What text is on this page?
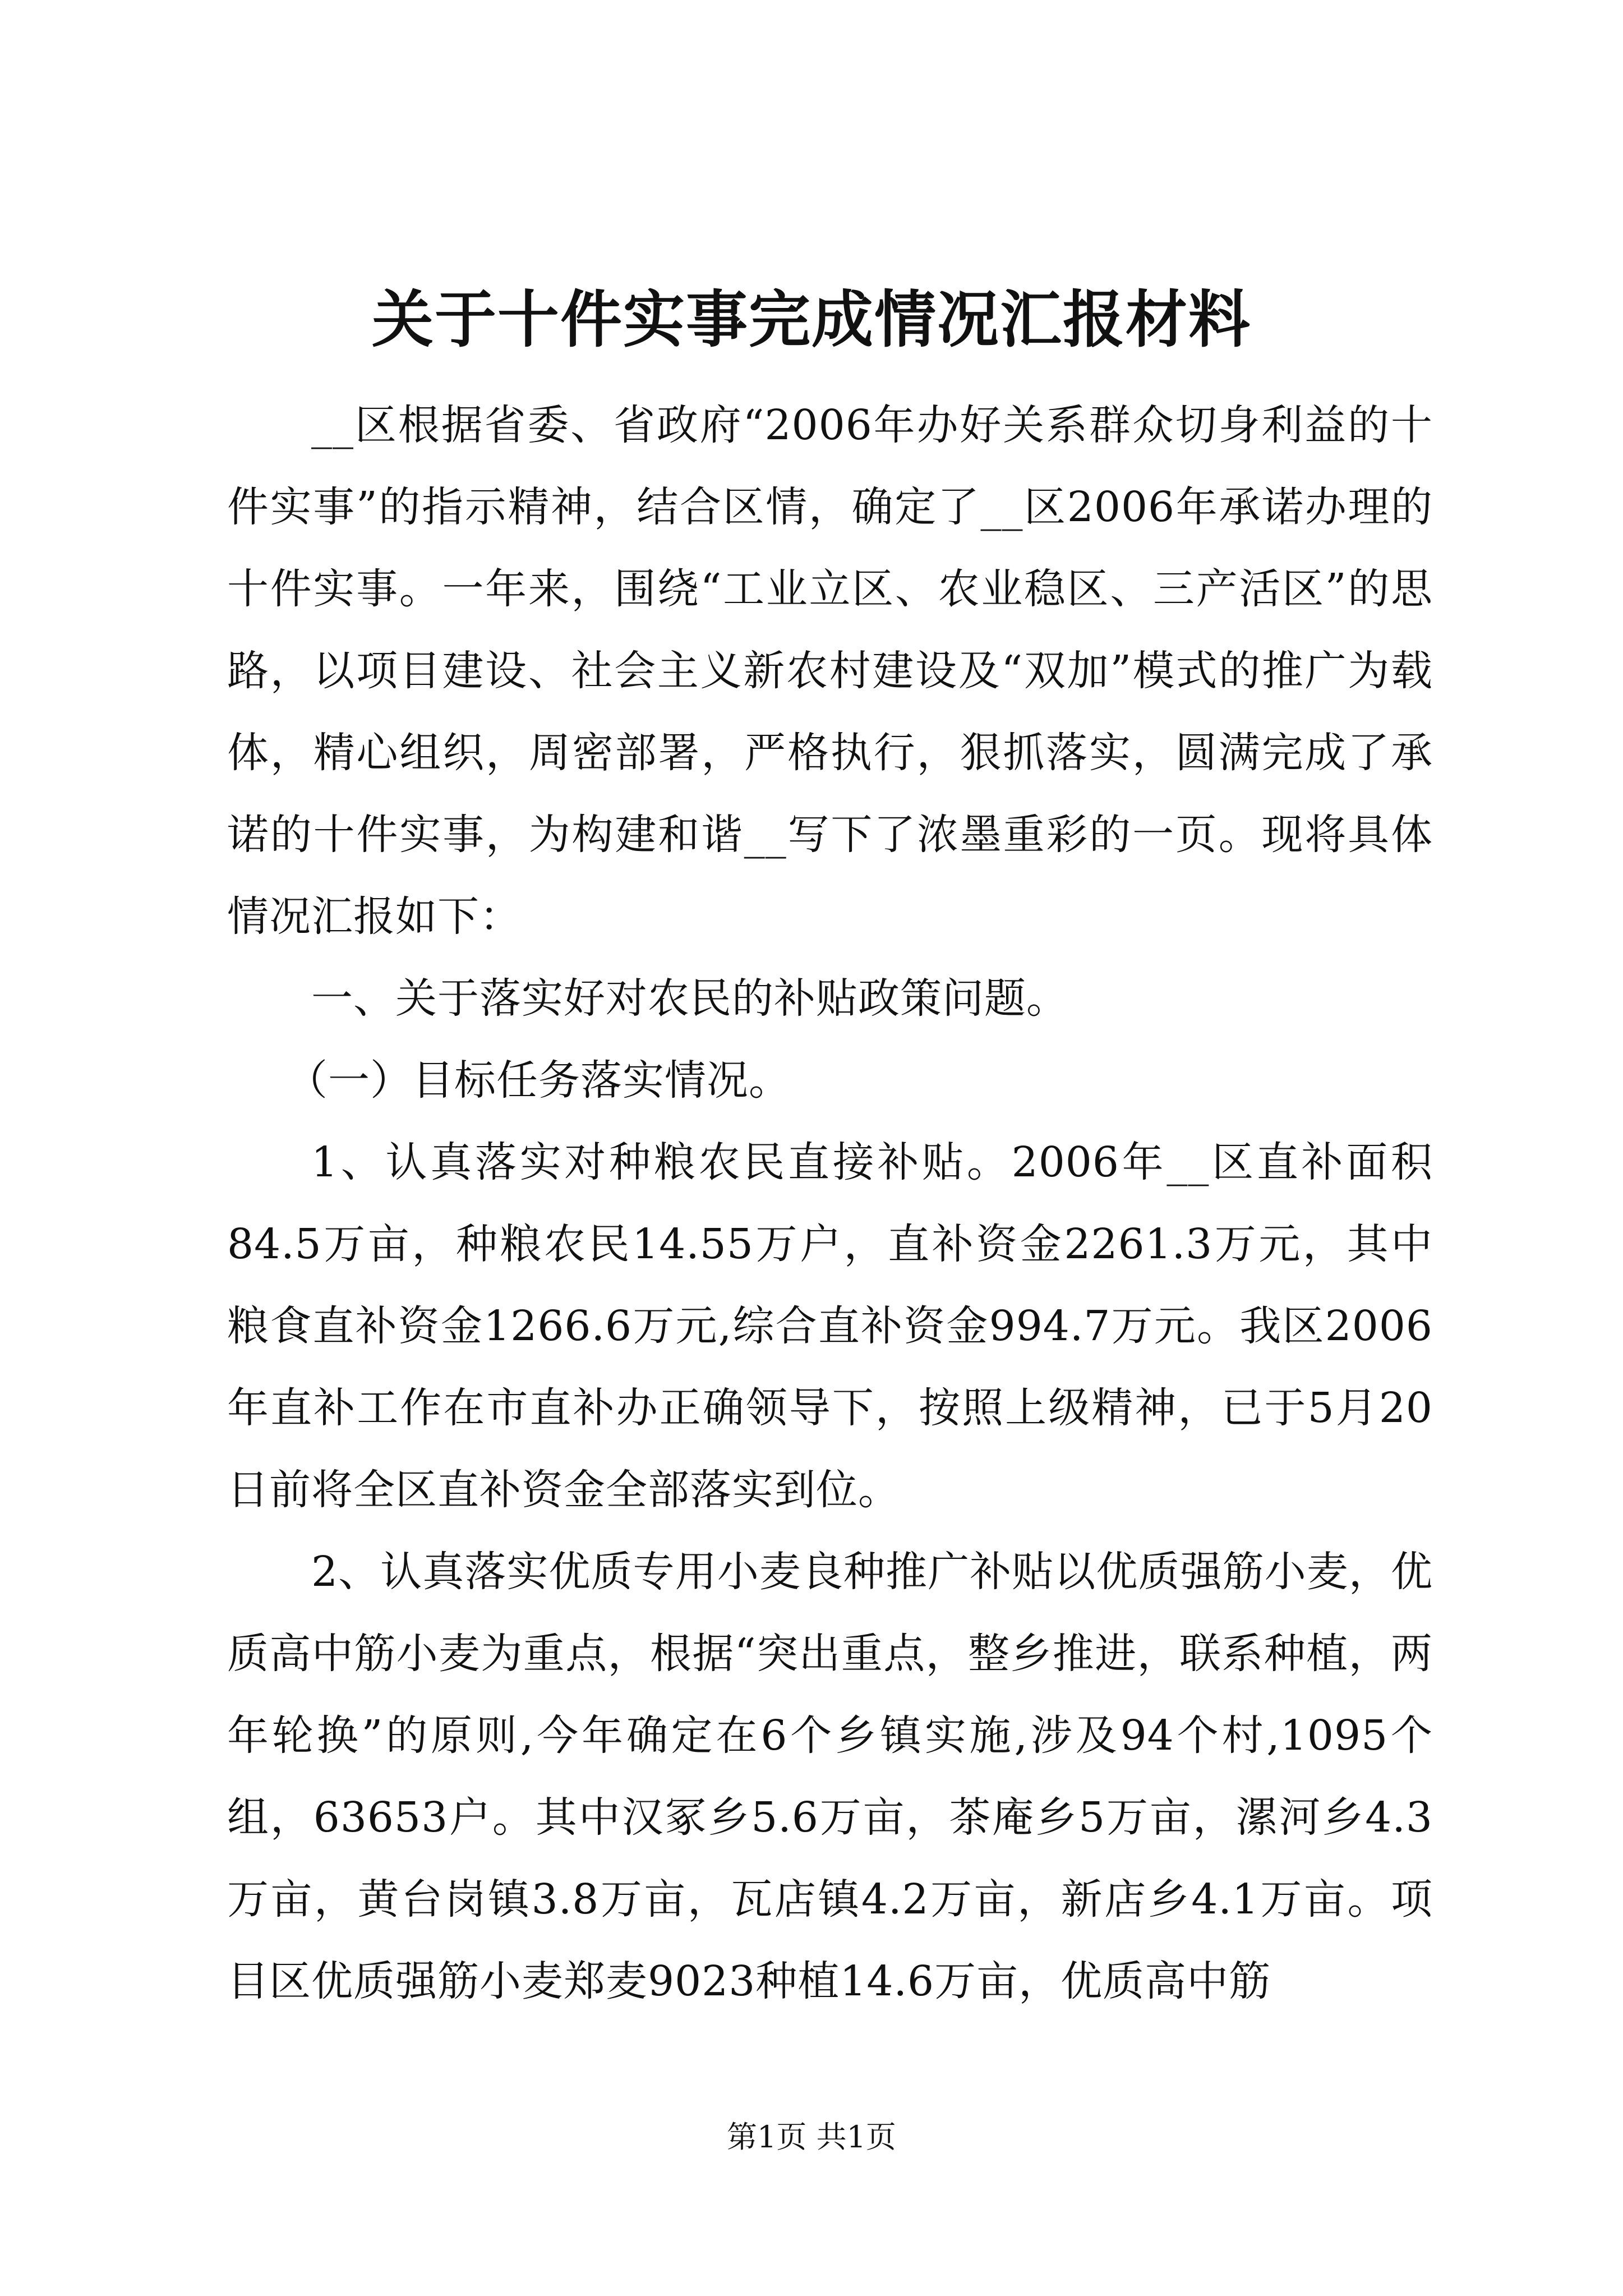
关于十件实事完成情况汇报材料

__区根据省委、省政府“2006年办好关系群众切身利益的十件实事”的指示精神，结合区情，确定了__区2006年承诺办理的十件实事。一年来，围绕“工业立区、农业稳区、三产活区”的思路，以项目建设、社会主义新农村建设及“双加”模式的推广为载体，精心组织，周密部署，严格执行，狠抓落实，圆满完成了承诺的十件实事，为构建和谐__写下了浓墨重彩的一页。现将具体情况汇报如下：

一、关于落实好对农民的补贴政策问题。

（一）目标任务落实情况。

1、认真落实对种粮农民直接补贴。2006年__区直补面积84.5万亩，种粮农民14.55万户，直补资金2261.3万元，其中粮食直补资金1266.6万元,综合直补资金994.7万元。我区2006年直补工作在市直补办正确领导下，按照上级精神，已于5月20日前将全区直补资金全部落实到位。

2、认真落实优质专用小麦良种推广补贴以优质强筋小麦，优质高中筋小麦为重点，根据“突出重点，整乡推进，联系种植，两年轮换”的原则,今年确定在6个乡镇实施,涉及94个村,1095个组，63653户。其中汉冢乡5.6万亩，茶庵乡5万亩，漯河乡4.3万亩，黄台岗镇3.8万亩，瓦店镇4.2万亩，新店乡4.1万亩。项目区优质强筋小麦郑麦9023种植14.6万亩，优质高中筋

第1页 共1页
